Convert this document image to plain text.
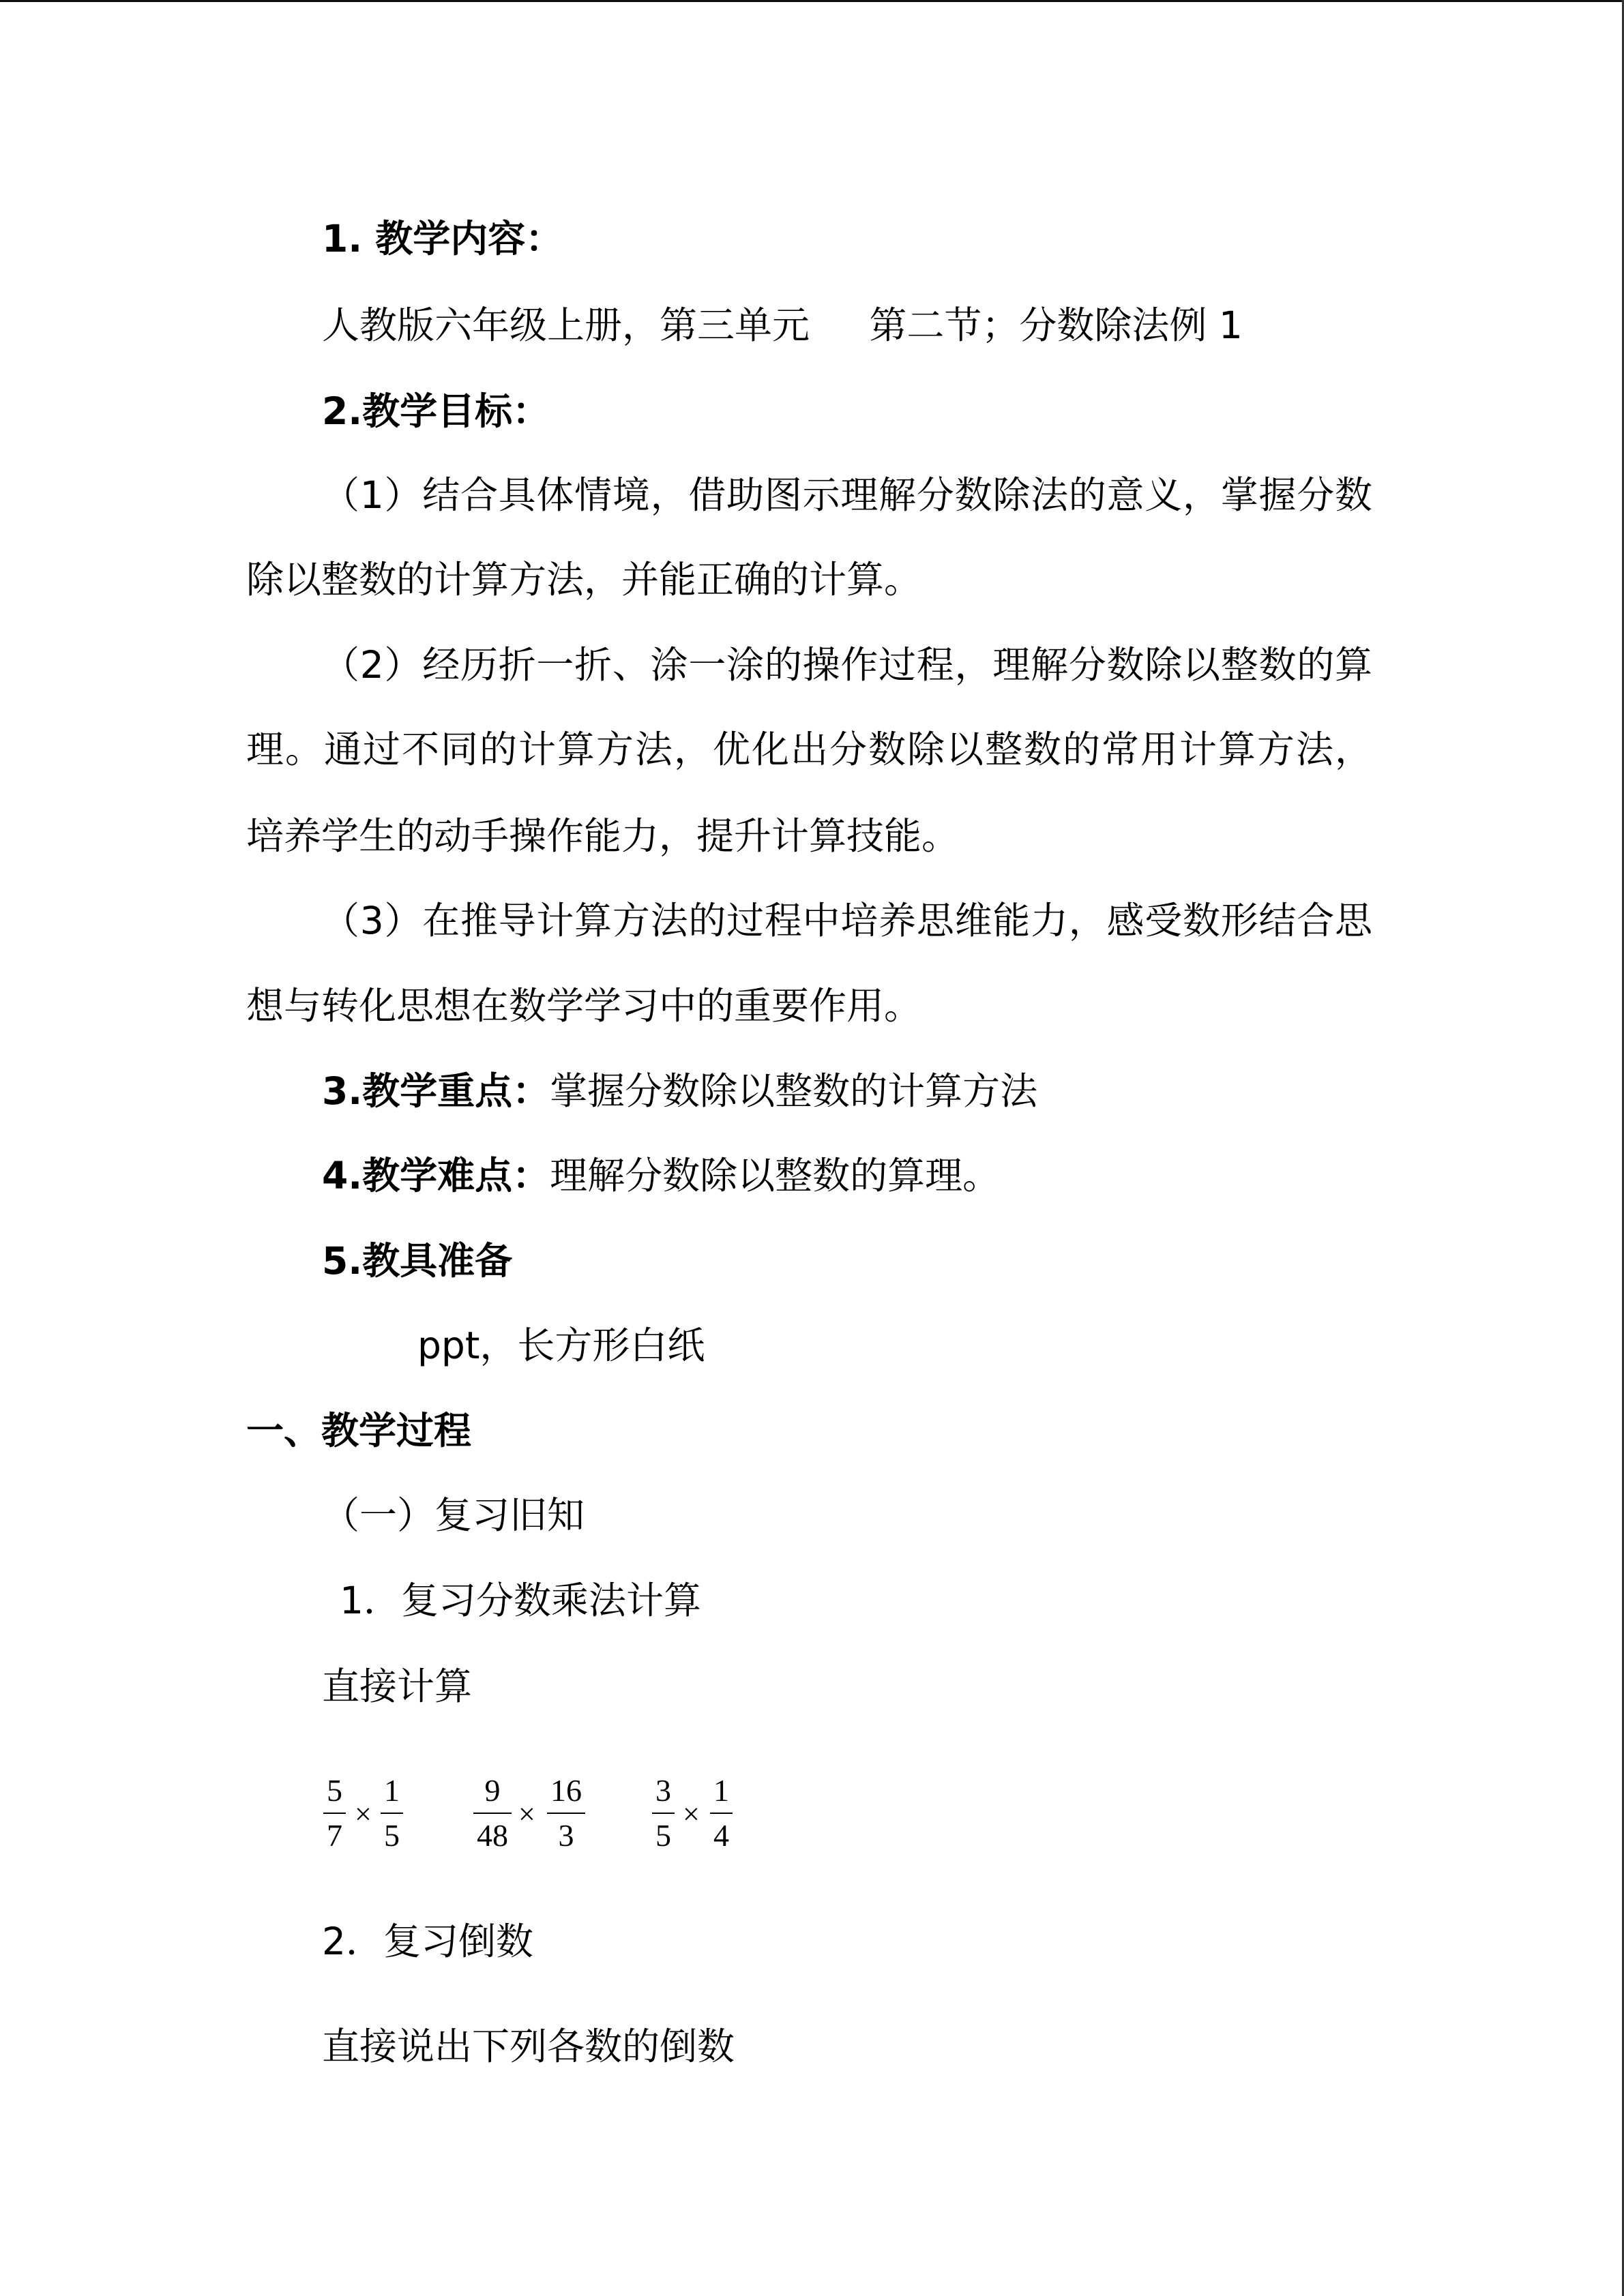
1. 教学内容：
人教版六年级上册，第三单元     第二节；分数除法例 1
2.教学目标：
（1）结合具体情境，借助图示理解分数除法的意义，掌握分数
除以整数的计算方法，并能正确的计算。
（2）经历折一折、涂一涂的操作过程，理解分数除以整数的算
理。通过不同的计算方法，优化出分数除以整数的常用计算方法，
培养学生的动手操作能力，提升计算技能。
（3）在推导计算方法的过程中培养思维能力，感受数形结合思
想与转化思想在数学学习中的重要作用。
3.教学重点：掌握分数除以整数的计算方法
4.教学难点：理解分数除以整数的算理。
5.教具准备
ppt，长方形白纸
一、教学过程
（一）复习旧知
1．复习分数乘法计算
直接计算
5
7
×
1
5
9
48
×
16
3
3
5
×
1
4
2．复习倒数
直接说出下列各数的倒数
